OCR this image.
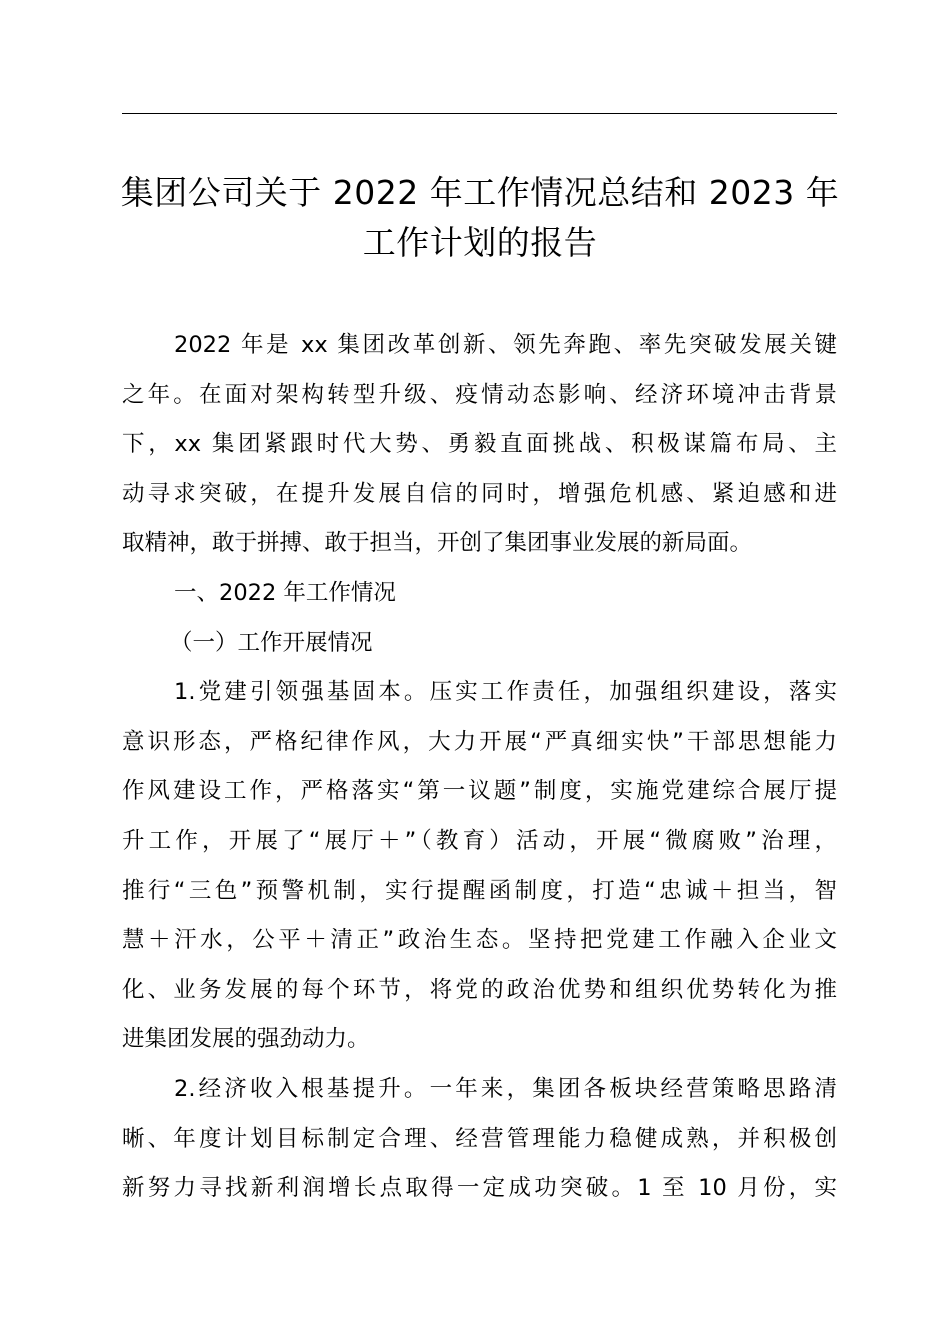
集团公司关于 2022 年工作情况总结和 2023 年
工作计划的报告

2022 年是 xx 集团改革创新、领先奔跑、率先突破发展关键
之年。在面对架构转型升级、疫情动态影响、经济环境冲击背景
下，xx 集团紧跟时代大势、勇毅直面挑战、积极谋篇布局、主
动寻求突破，在提升发展自信的同时，增强危机感、紧迫感和进
取精神，敢于拼搏、敢于担当，开创了集团事业发展的新局面。

一、2022 年工作情况

（一）工作开展情况

1.党建引领强基固本。压实工作责任，加强组织建设，落实
意识形态，严格纪律作风，大力开展“严真细实快”干部思想能力
作风建设工作，严格落实“第一议题”制度，实施党建综合展厅提
升工作，开展了“展厅＋”（教育）活动，开展“微腐败”治理，
推行“三色”预警机制，实行提醒函制度，打造“忠诚＋担当，智
慧＋汗水，公平＋清正”政治生态。坚持把党建工作融入企业文
化、业务发展的每个环节，将党的政治优势和组织优势转化为推
进集团发展的强劲动力。

2.经济收入根基提升。一年来，集团各板块经营策略思路清
晰、年度计划目标制定合理、经营管理能力稳健成熟，并积极创
新努力寻找新利润增长点取得一定成功突破。1 至 10 月份，实
